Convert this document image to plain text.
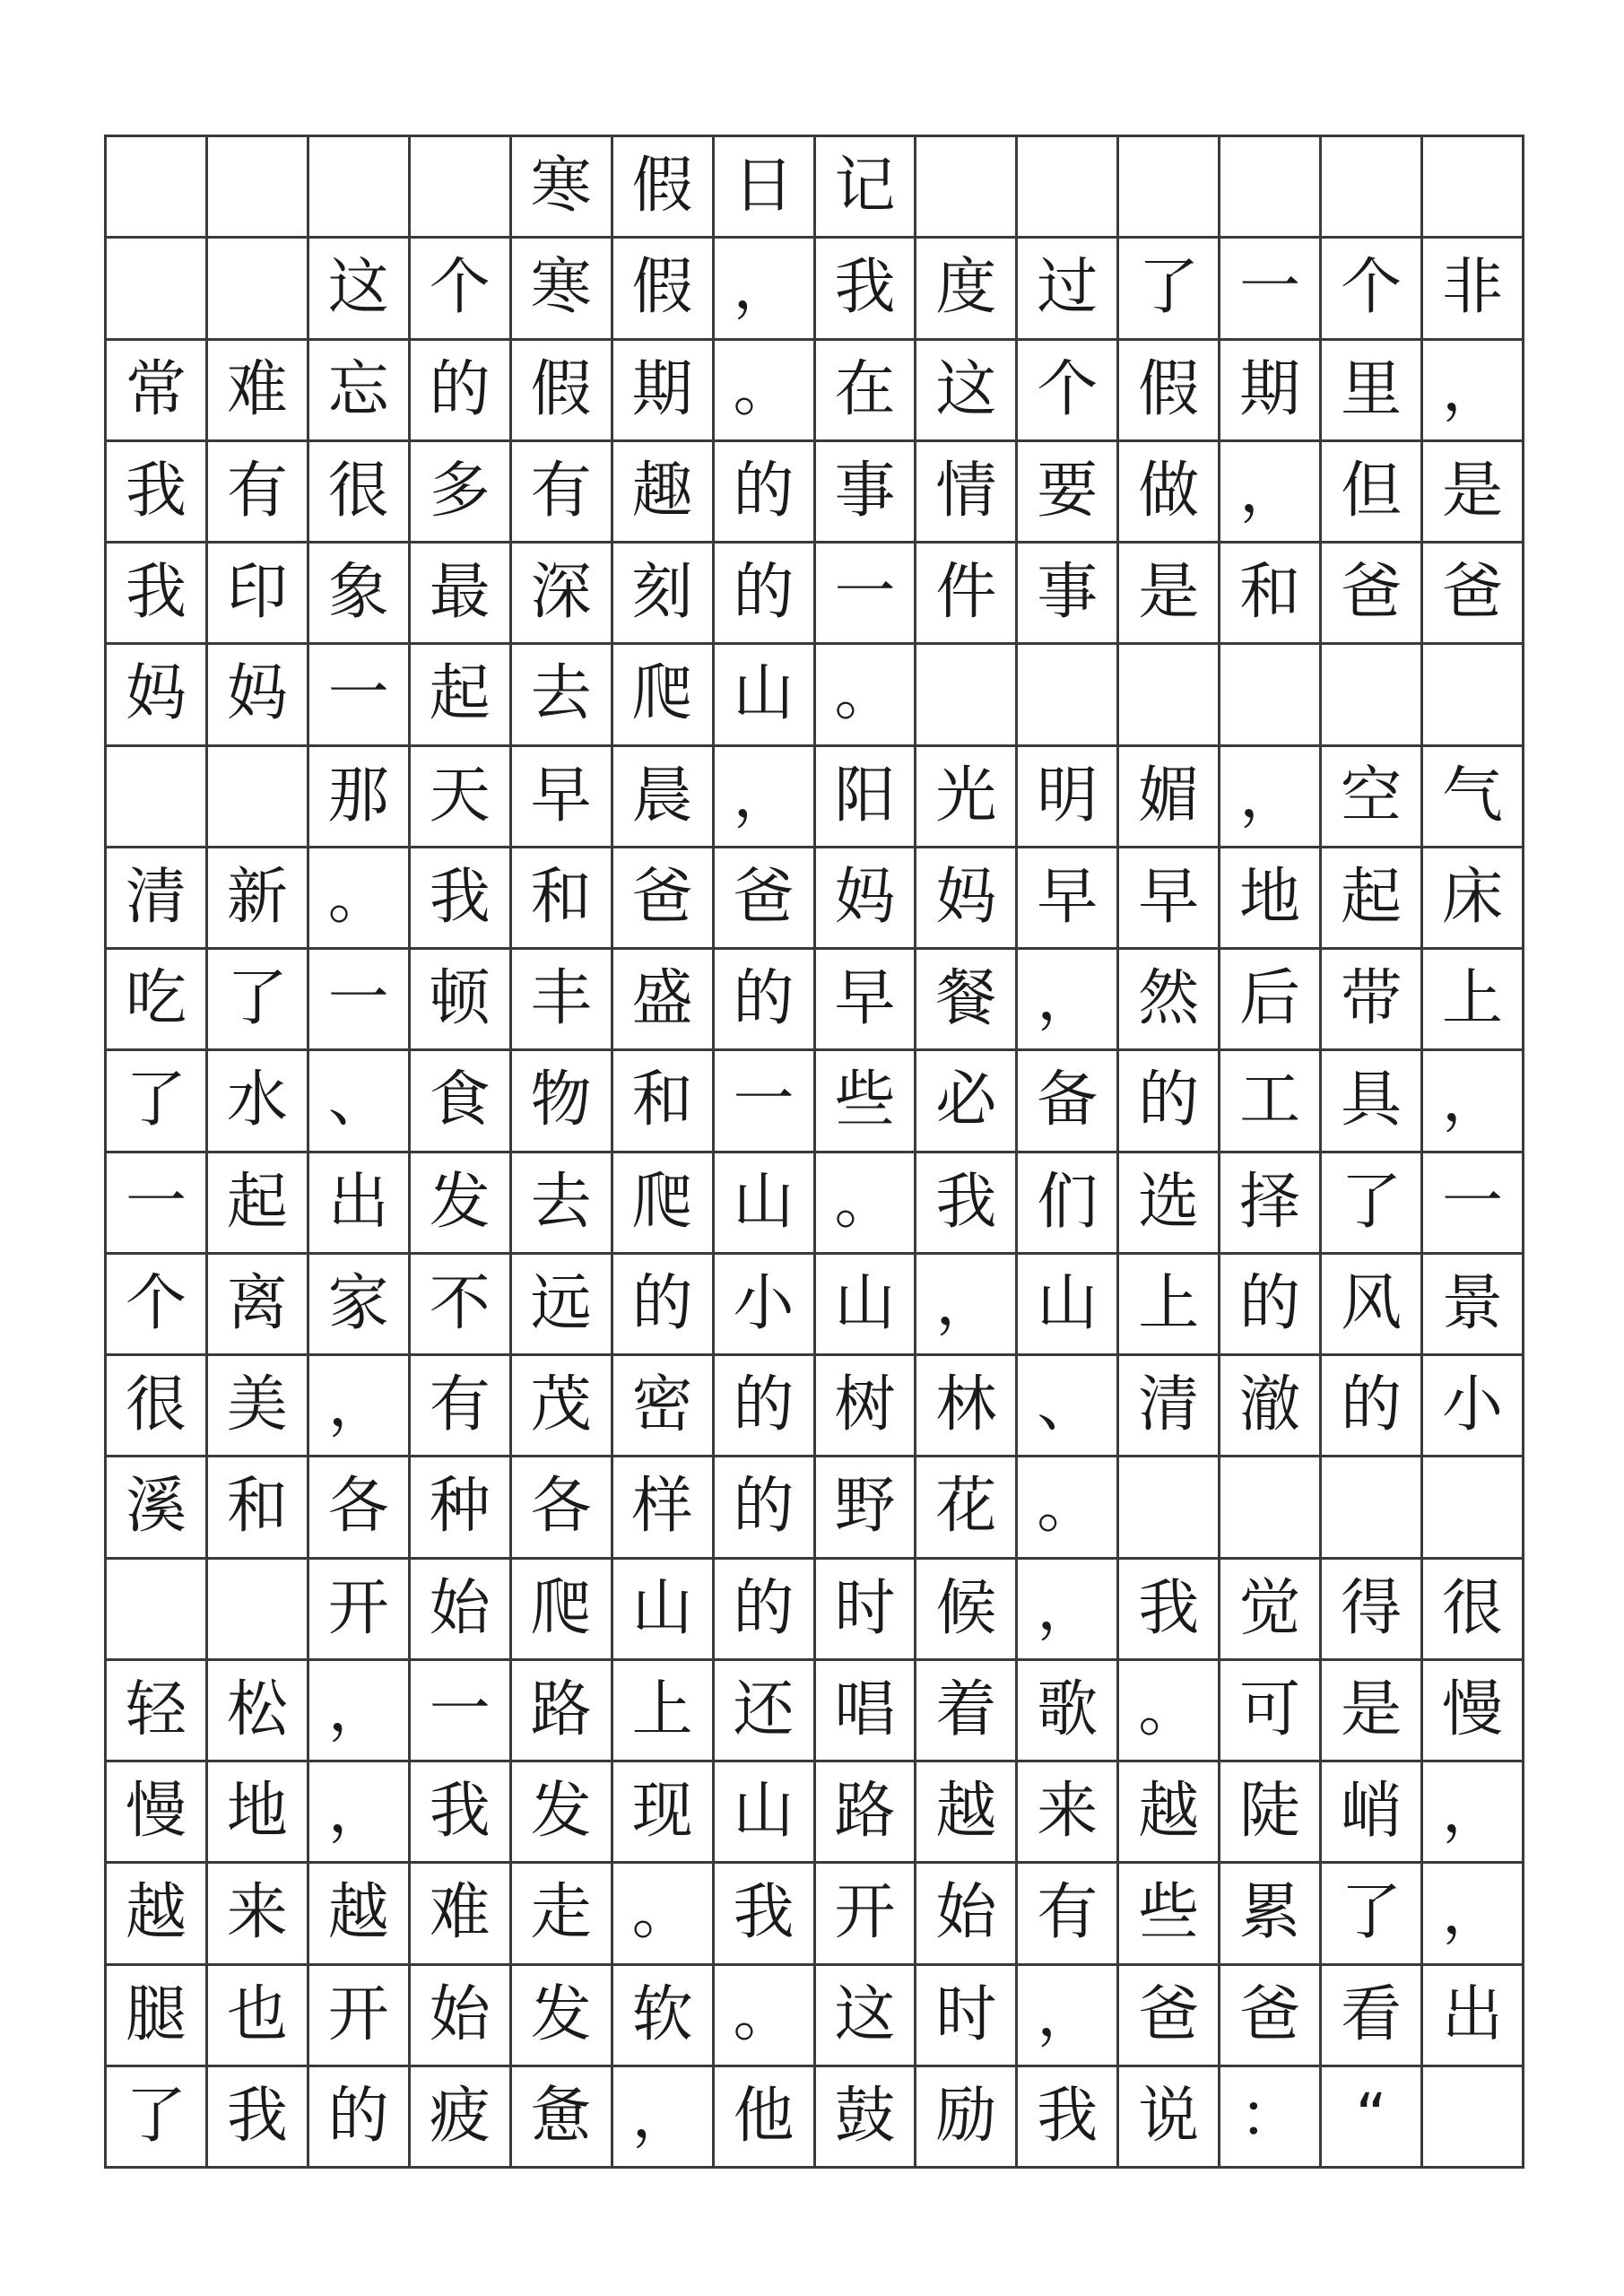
寒 假 日 记
这 个 寒 假 ， 我 度 过 了 一 个 非
常 难 忘 的 假 期 。 在 这 个 假 期 里 ，
我 有 很 多 有 趣 的 事 情 要 做 ， 但 是
我 印 象 最 深 刻 的 一 件 事 是 和 爸 爸
妈 妈 一 起 去 爬 山 。
那 天 早 晨 ， 阳 光 明 媚 ， 空 气
清 新 。 我 和 爸 爸 妈 妈 早 早 地 起 床
吃 了 一 顿 丰 盛 的 早 餐 ， 然 后 带 上
了 水 、 食 物 和 一 些 必 备 的 工 具 ，
一 起 出 发 去 爬 山 。 我 们 选 择 了 一
个 离 家 不 远 的 小 山 ， 山 上 的 风 景
很 美 ， 有 茂 密 的 树 林 、 清 澈 的 小
溪 和 各 种 各 样 的 野 花 。
开 始 爬 山 的 时 候 ， 我 觉 得 很
轻 松 ， 一 路 上 还 唱 着 歌 。 可 是 慢
慢 地 ， 我 发 现 山 路 越 来 越 陡 峭 ，
越 来 越 难 走 。 我 开 始 有 些 累 了 ，
腿 也 开 始 发 软 。 这 时 ， 爸 爸 看 出
了 我 的 疲 惫 ， 他 鼓 励 我 说 ： “
